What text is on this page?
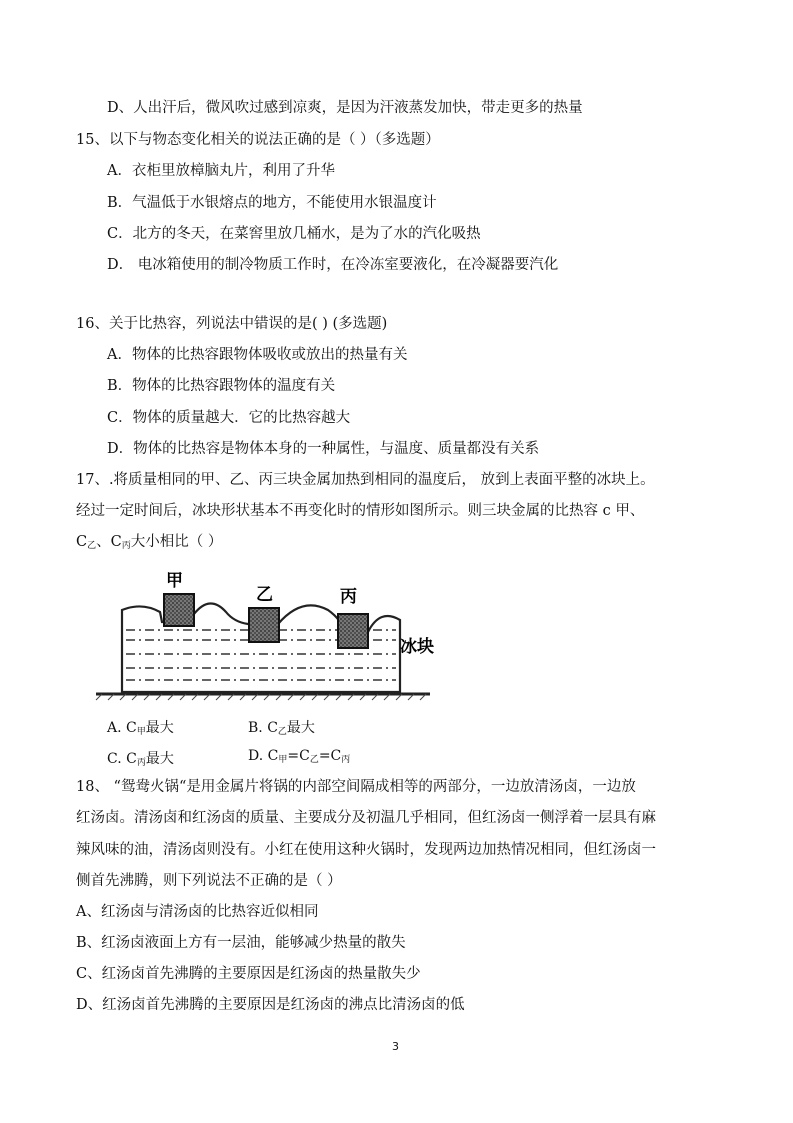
D、人出汗后，微风吹过感到凉爽，是因为汗液蒸发加快，带走更多的热量
15、以下与物态变化相关的说法正确的是（ ）（多选题）
A．衣柜里放樟脑丸片，利用了升华
B．气温低于水银熔点的地方，不能使用水银温度计
C．北方的冬天，在菜窖里放几桶水，是为了水的汽化吸热
D． 电冰箱使用的制冷物质工作时，在冷冻室要液化，在冷凝器要汽化
16、关于比热容，列说法中错误的是( ) (多选题)
A．物体的比热容跟物体吸收或放出的热量有关
B．物体的比热容跟物体的温度有关
C．物体的质量越大．它的比热容越大
D．物体的比热容是物体本身的一种属性，与温度、质量都没有关系
17、.将质量相同的甲、乙、丙三块金属加热到相同的温度后， 放到上表面平整的冰块上。
经过一定时间后，冰块形状基本不再变化时的情形如图所示。则三块金属的比热容 c 甲、
$C_乙$、$C_丙$大小相比（ ）
甲
乙	丙
冰块
A. $C_甲$最大	B. $C_乙$最大
C. $C_丙$最大	D. $C_甲=C_乙=C_丙$
18、 “鸳鸯火锅“是用金属片将锅的内部空间隔成相等的两部分，一边放清汤卤，一边放
红汤卤。清汤卤和红汤卤的质量、主要成分及初温几乎相同，但红汤卤一侧浮着一层具有麻
辣风味的油，清汤卤则没有。小红在使用这种火锅时，发现两边加热情况相同，但红汤卤一
侧首先沸腾，则下列说法不正确的是（ ）
A、红汤卤与清汤卤的比热容近似相同
B、红汤卤液面上方有一层油，能够减少热量的散失
C、红汤卤首先沸腾的主要原因是红汤卤的热量散失少
D、红汤卤首先沸腾的主要原因是红汤卤的沸点比清汤卤的低
3
